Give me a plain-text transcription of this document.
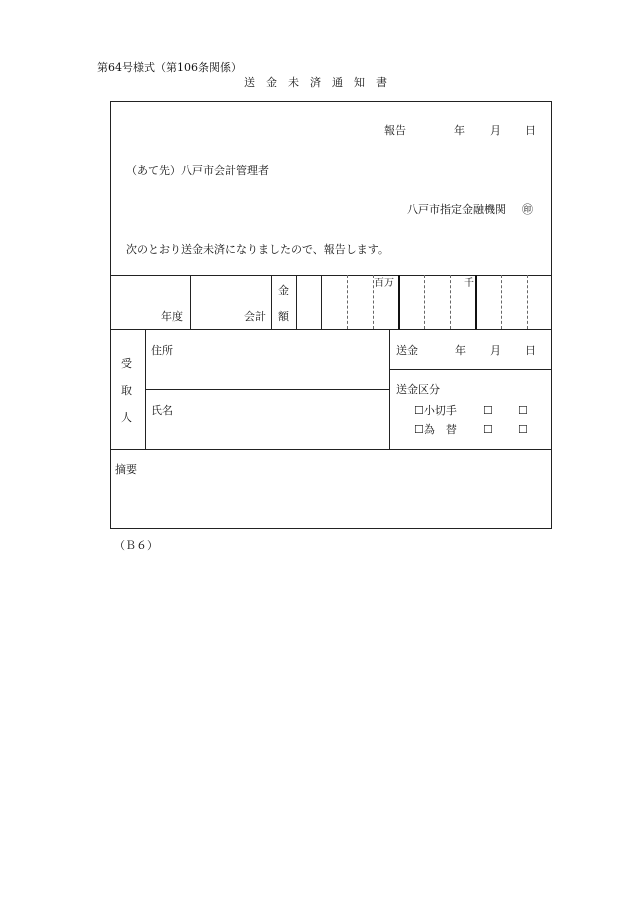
第64号様式（第106条関係）
送　金　未　済　通　知　書
報告	年 月 日
（あて先）八戸市会計管理者
八戸市指定金融機関 ㊞
次のとおり送金未済になりましたので、報告します。
年度	会計
金
額
百万	千
受
取
人
住所
氏名
送金	年 月 日
送金区分
☐小切手 ☐ ☐
☐為　替 ☐ ☐
摘要
（Ｂ６）
